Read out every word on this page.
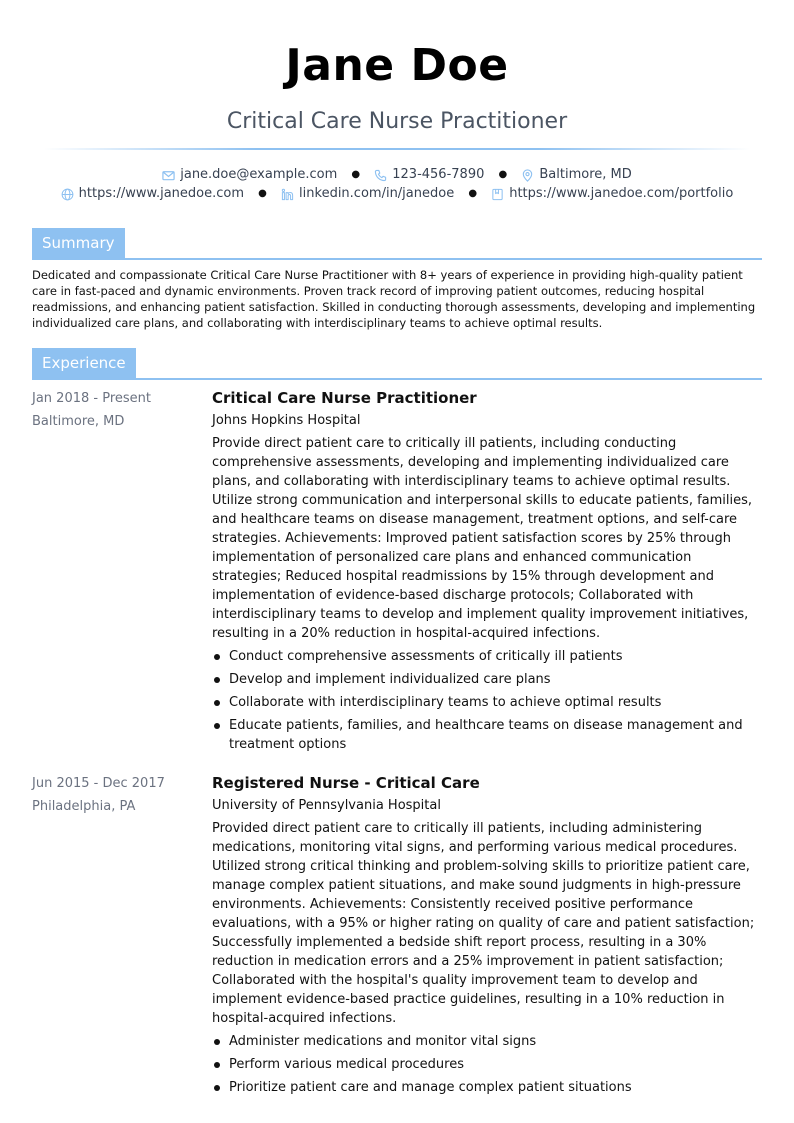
Jane Doe
Critical Care Nurse Practitioner
jane.doe@example.com ● 123-456-7890 ● Baltimore, MD
https://www.janedoe.com ● linkedin.com/in/janedoe ● https://www.janedoe.com/portfolio
Summary
Dedicated and compassionate Critical Care Nurse Practitioner with 8+ years of experience in providing high-quality patient care in fast-paced and dynamic environments. Proven track record of improving patient outcomes, reducing hospital readmissions, and enhancing patient satisfaction. Skilled in conducting thorough assessments, developing and implementing individualized care plans, and collaborating with interdisciplinary teams to achieve optimal results.
Experience
Jan 2018 - Present
Baltimore, MD
Critical Care Nurse Practitioner
Johns Hopkins Hospital
Provide direct patient care to critically ill patients, including conducting comprehensive assessments, developing and implementing individualized care plans, and collaborating with interdisciplinary teams to achieve optimal results. Utilize strong communication and interpersonal skills to educate patients, families, and healthcare teams on disease management, treatment options, and self-care strategies. Achievements: Improved patient satisfaction scores by 25% through implementation of personalized care plans and enhanced communication strategies; Reduced hospital readmissions by 15% through development and implementation of evidence-based discharge protocols; Collaborated with interdisciplinary teams to develop and implement quality improvement initiatives, resulting in a 20% reduction in hospital-acquired infections.
Conduct comprehensive assessments of critically ill patients
Develop and implement individualized care plans
Collaborate with interdisciplinary teams to achieve optimal results
Educate patients, families, and healthcare teams on disease management and treatment options
Jun 2015 - Dec 2017
Philadelphia, PA
Registered Nurse - Critical Care
University of Pennsylvania Hospital
Provided direct patient care to critically ill patients, including administering medications, monitoring vital signs, and performing various medical procedures. Utilized strong critical thinking and problem-solving skills to prioritize patient care, manage complex patient situations, and make sound judgments in high-pressure environments. Achievements: Consistently received positive performance evaluations, with a 95% or higher rating on quality of care and patient satisfaction; Successfully implemented a bedside shift report process, resulting in a 30% reduction in medication errors and a 25% improvement in patient satisfaction; Collaborated with the hospital's quality improvement team to develop and implement evidence-based practice guidelines, resulting in a 10% reduction in hospital-acquired infections.
Administer medications and monitor vital signs
Perform various medical procedures
Prioritize patient care and manage complex patient situations
